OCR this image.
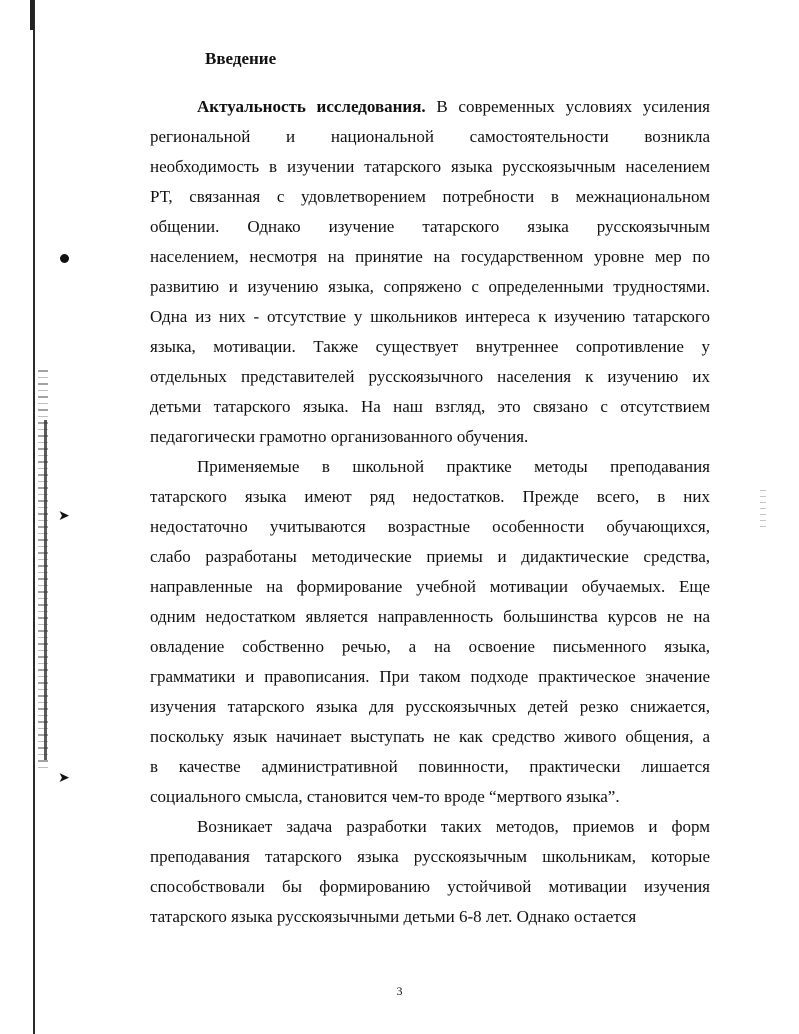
➤
➤
Введение
Актуальность исследования. В современных условиях усиления
региональной и национальной самостоятельности возникла
необходимость в изучении татарского языка русскоязычным населением
РТ, связанная с удовлетворением потребности в межнациональном
общении. Однако изучение татарского языка русскоязычным
населением, несмотря на принятие на государственном уровне мер по
развитию и изучению языка, сопряжено с определенными трудностями.
Одна из них - отсутствие у школьников интереса к изучению татарского
языка, мотивации. Также существует внутреннее сопротивление у
отдельных представителей русскоязычного населения к изучению их
детьми татарского языка. На наш взгляд, это связано с отсутствием
педагогически грамотно организованного обучения.
Применяемые в школьной практике методы преподавания
татарского языка имеют ряд недостатков. Прежде всего, в них
недостаточно учитываются возрастные особенности обучающихся,
слабо разработаны методические приемы и дидактические средства,
направленные на формирование учебной мотивации обучаемых. Еще
одним недостатком является направленность большинства курсов не на
овладение собственно речью, а на освоение письменного языка,
грамматики и правописания. При таком подходе практическое значение
изучения татарского языка для русскоязычных детей резко снижается,
поскольку язык начинает выступать не как средство живого общения, а
в качестве административной повинности, практически лишается
социального смысла, становится чем-то вроде “мертвого языка”.
Возникает задача разработки таких методов, приемов и форм
преподавания татарского языка русскоязычным школьникам, которые
способствовали бы формированию устойчивой мотивации изучения
татарского языка русскоязычными детьми 6-8 лет. Однако остается
3
